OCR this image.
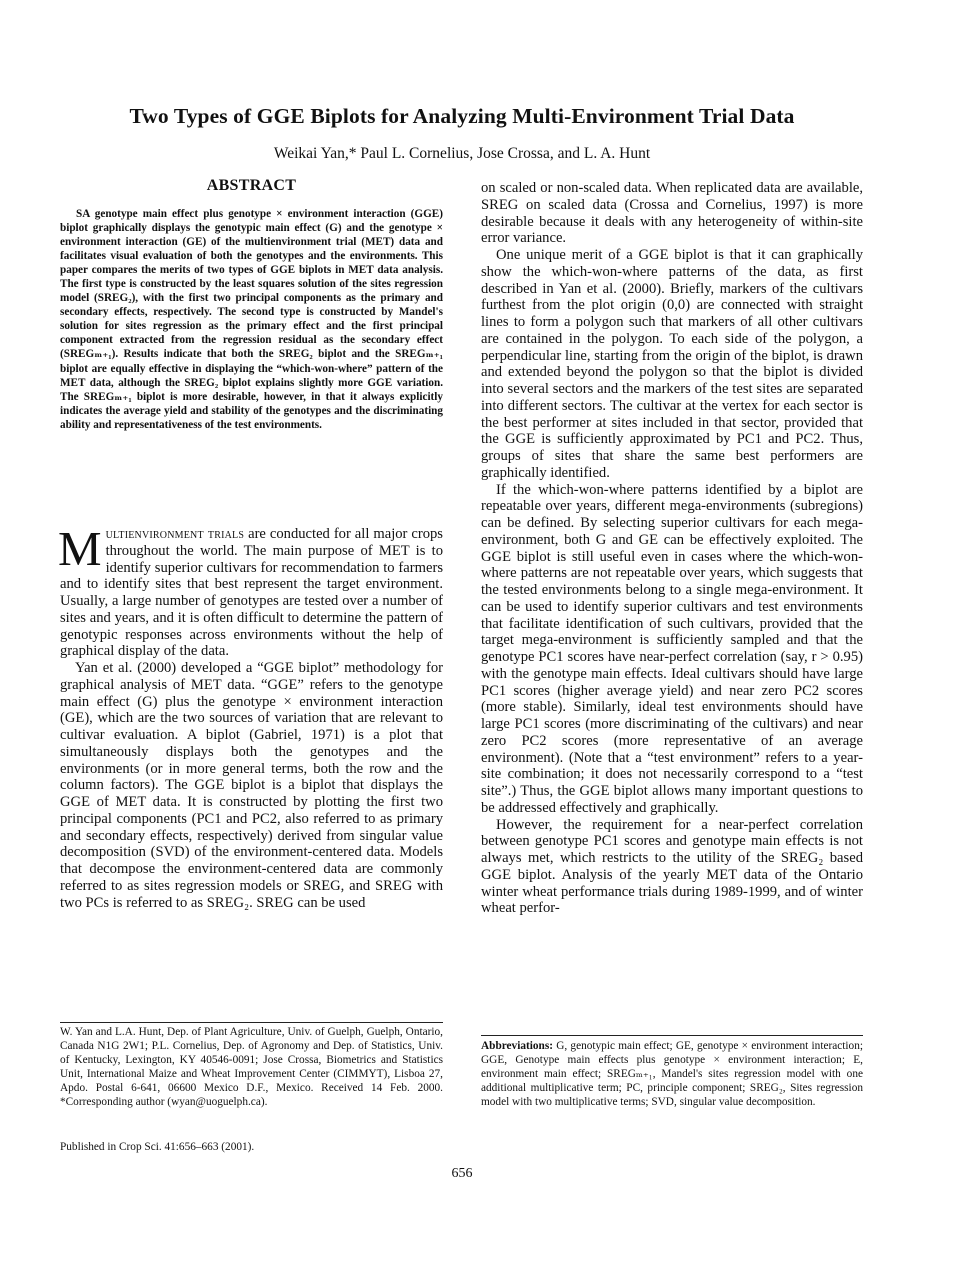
Two Types of GGE Biplots for Analyzing Multi-Environment Trial Data
Weikai Yan,* Paul L. Cornelius, Jose Crossa, and L. A. Hunt
ABSTRACT
SA genotype main effect plus genotype × environment interaction (GGE) biplot graphically displays the genotypic main effect (G) and the genotype × environment interaction (GE) of the multienvironment trial (MET) data and facilitates visual evaluation of both the genotypes and the environments. This paper compares the merits of two types of GGE biplots in MET data analysis. The first type is constructed by the least squares solution of the sites regression model (SREG₂), with the first two principal components as the primary and secondary effects, respectively. The second type is constructed by Mandel's solution for sites regression as the primary effect and the first principal component extracted from the regression residual as the secondary effect (SREGₘ₊₁). Results indicate that both the SREG₂ biplot and the SREGₘ₊₁ biplot are equally effective in displaying the “which-won-where” pattern of the MET data, although the SREG₂ biplot explains slightly more GGE variation. The SREGₘ₊₁ biplot is more desirable, however, in that it always explicitly indicates the average yield and stability of the genotypes and the discriminating ability and representativeness of the test environments.

Multienvironment trials are conducted for all major crops throughout the world. The main purpose of MET is to identify superior cultivars for recommendation to farmers and to identify sites that best represent the target environment. Usually, a large number of genotypes are tested over a number of sites and years, and it is often difficult to determine the pattern of genotypic responses across environments without the help of graphical display of the data.

Yan et al. (2000) developed a “GGE biplot” methodology for graphical analysis of MET data. “GGE” refers to the genotype main effect (G) plus the genotype × environment interaction (GE), which are the two sources of variation that are relevant to cultivar evaluation. A biplot (Gabriel, 1971) is a plot that simultaneously displays both the genotypes and the environments (or in more general terms, both the row and the column factors). The GGE biplot is a biplot that displays the GGE of MET data. It is constructed by plotting the first two principal components (PC1 and PC2, also referred to as primary and secondary effects, respectively) derived from singular value decomposition (SVD) of the environment-centered data. Models that decompose the environment-centered data are commonly referred to as sites regression models or SREG, and SREG with two PCs is referred to as SREG₂. SREG can be used

on scaled or non-scaled data. When replicated data are available, SREG on scaled data (Crossa and Cornelius, 1997) is more desirable because it deals with any heterogeneity of within-site error variance.

One unique merit of a GGE biplot is that it can graphically show the which-won-where patterns of the data, as first described in Yan et al. (2000). Briefly, markers of the cultivars furthest from the plot origin (0,0) are connected with straight lines to form a polygon such that markers of all other cultivars are contained in the polygon. To each side of the polygon, a perpendicular line, starting from the origin of the biplot, is drawn and extended beyond the polygon so that the biplot is divided into several sectors and the markers of the test sites are separated into different sectors. The cultivar at the vertex for each sector is the best performer at sites included in that sector, provided that the GGE is sufficiently approximated by PC1 and PC2. Thus, groups of sites that share the same best performers are graphically identified.

If the which-won-where patterns identified by a biplot are repeatable over years, different mega-environments (subregions) can be defined. By selecting superior cultivars for each mega-environment, both G and GE can be effectively exploited. The GGE biplot is still useful even in cases where the which-won-where patterns are not repeatable over years, which suggests that the tested environments belong to a single mega-environment. It can be used to identify superior cultivars and test environments that facilitate identification of such cultivars, provided that the target mega-environment is sufficiently sampled and that the genotype PC1 scores have near-perfect correlation (say, r > 0.95) with the genotype main effects. Ideal cultivars should have large PC1 scores (higher average yield) and near zero PC2 scores (more stable). Similarly, ideal test environments should have large PC1 scores (more discriminating of the cultivars) and near zero PC2 scores (more representative of an average environment). (Note that a “test environment” refers to a year-site combination; it does not necessarily correspond to a “test site”.) Thus, the GGE biplot allows many important questions to be addressed effectively and graphically.

However, the requirement for a near-perfect correlation between genotype PC1 scores and genotype main effects is not always met, which restricts to the utility of the SREG₂ based GGE biplot. Analysis of the yearly MET data of the Ontario winter wheat performance trials during 1989-1999, and of winter wheat perfor-

W. Yan and L.A. Hunt, Dep. of Plant Agriculture, Univ. of Guelph, Guelph, Ontario, Canada N1G 2W1; P.L. Cornelius, Dep. of Agronomy and Dep. of Statistics, Univ. of Kentucky, Lexington, KY 40546-0091; Jose Crossa, Biometrics and Statistics Unit, International Maize and Wheat Improvement Center (CIMMYT), Lisboa 27, Apdo. Postal 6-641, 06600 Mexico D.F., Mexico. Received 14 Feb. 2000. *Corresponding author (wyan@uoguelph.ca).

Published in Crop Sci. 41:656–663 (2001).
Abbreviations: G, genotypic main effect; GE, genotype × environment interaction; GGE, Genotype main effects plus genotype × environment interaction; E, environment main effect; SREGₘ₊₁, Mandel's sites regression model with one additional multiplicative term; PC, principle component; SREG₂, Sites regression model with two multiplicative terms; SVD, singular value decomposition.
656
